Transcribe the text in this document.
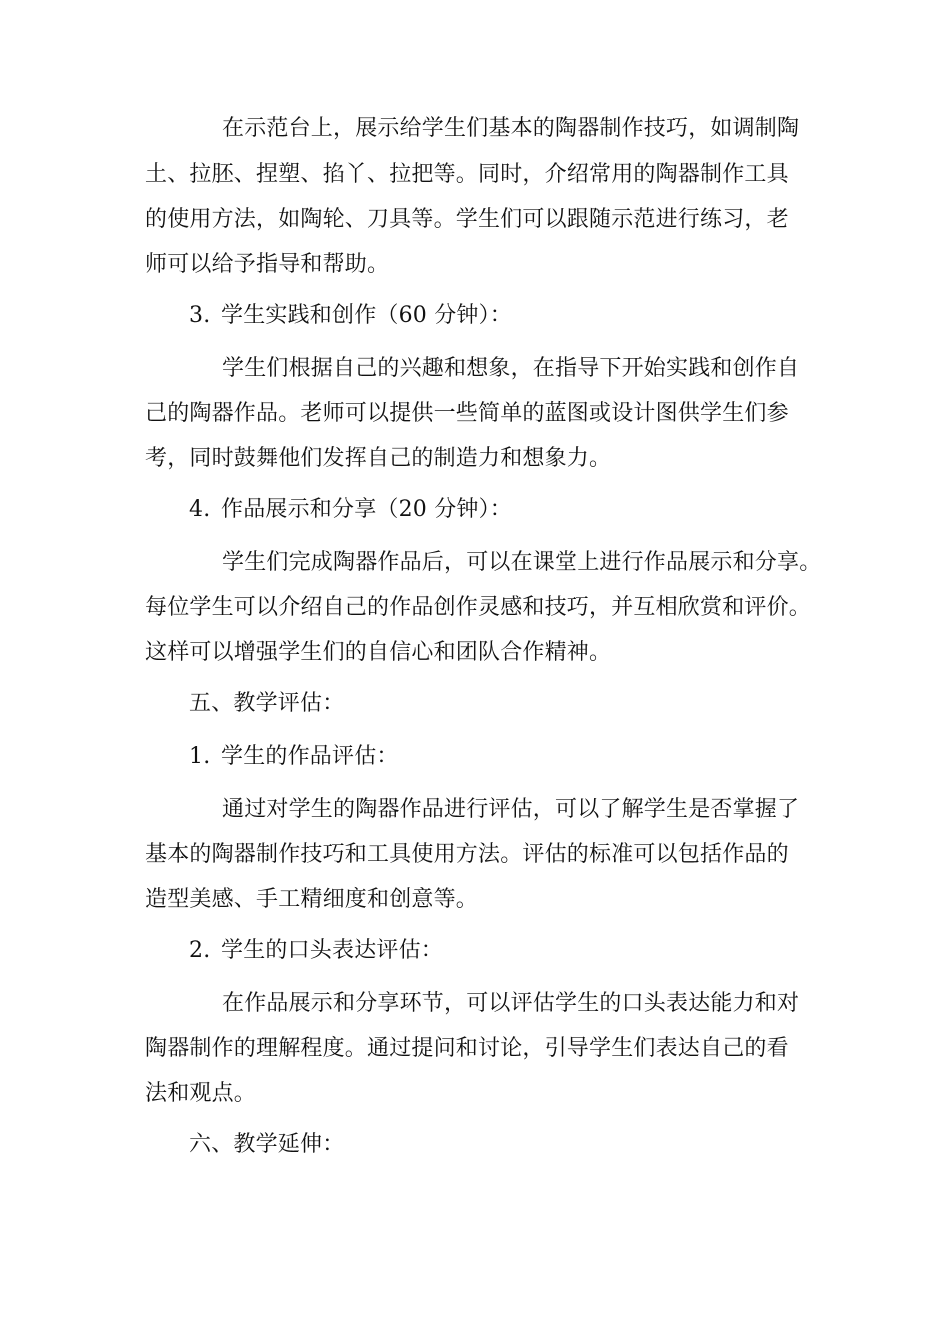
在示范台上，展示给学生们基本的陶器制作技巧，如调制陶
土、拉胚、捏塑、掐丫、拉把等。同时，介绍常用的陶器制作工具
的使用方法，如陶轮、刀具等。学生们可以跟随示范进行练习，老
师可以给予指导和帮助。
3. 学生实践和创作（60 分钟）：
学生们根据自己的兴趣和想象，在指导下开始实践和创作自
己的陶器作品。老师可以提供一些简单的蓝图或设计图供学生们参
考，同时鼓舞他们发挥自己的制造力和想象力。
4. 作品展示和分享（20 分钟）：
学生们完成陶器作品后，可以在课堂上进行作品展示和分享。
每位学生可以介绍自己的作品创作灵感和技巧，并互相欣赏和评价。
这样可以增强学生们的自信心和团队合作精神。
五、教学评估：
1. 学生的作品评估：
通过对学生的陶器作品进行评估，可以了解学生是否掌握了
基本的陶器制作技巧和工具使用方法。评估的标准可以包括作品的
造型美感、手工精细度和创意等。
2. 学生的口头表达评估：
在作品展示和分享环节，可以评估学生的口头表达能力和对
陶器制作的理解程度。通过提问和讨论，引导学生们表达自己的看
法和观点。
六、教学延伸：
